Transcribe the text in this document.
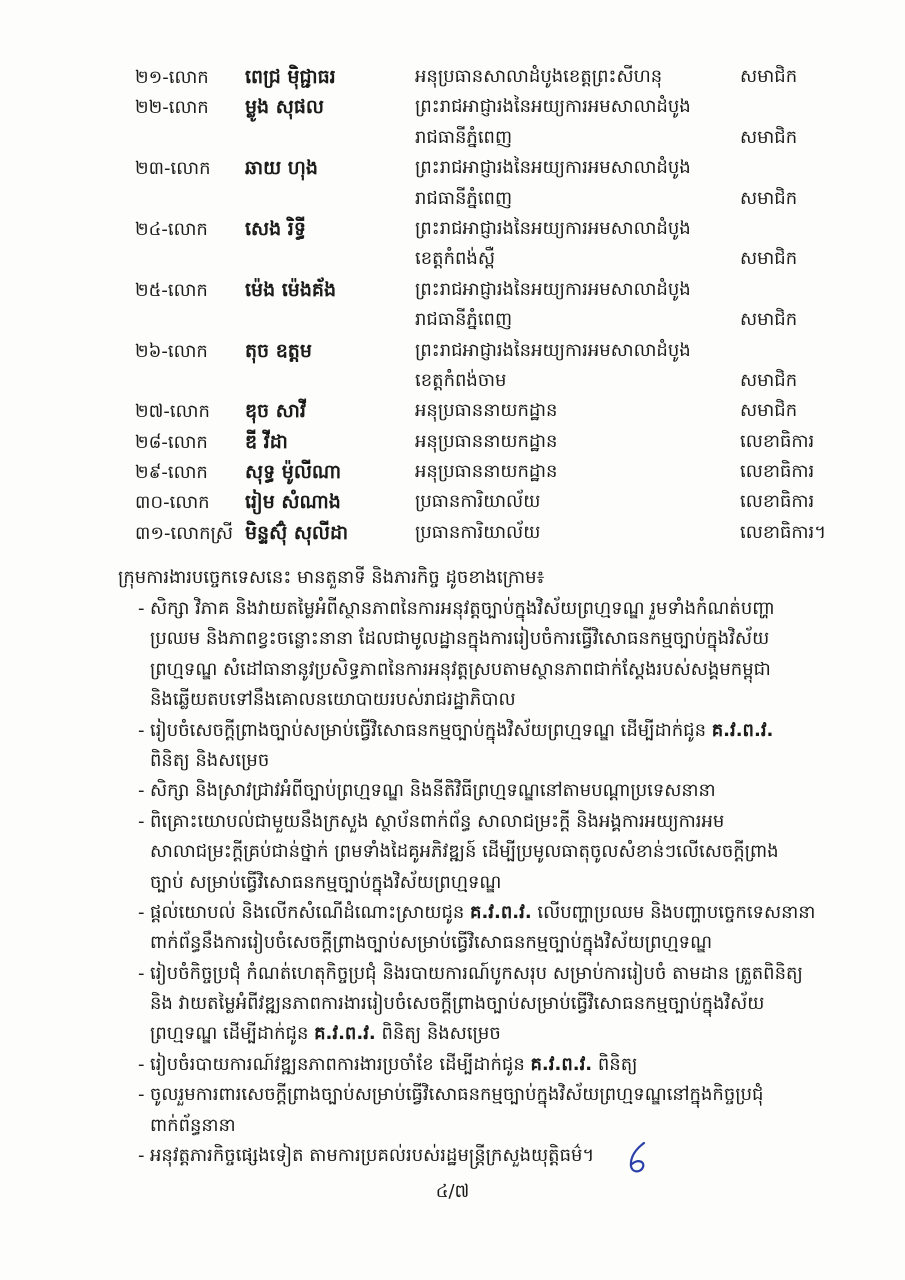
២១-លោក ពេជ្រ ម៉ិជ្ជាធរ	អនុប្រធានសាលាដំបូងខេត្តព្រះសីហនុ	សមាជិក
២២-លោក ម្លូង សុផល	ព្រះរាជអាជ្ញារងនៃអយ្យការអមសាលាដំបូង
រាជធានីភ្នំពេញ	សមាជិក
២៣-លោក ឆាយ ហុង	ព្រះរាជអាជ្ញារងនៃអយ្យការអមសាលាដំបូង
រាជធានីភ្នំពេញ	សមាជិក
២៤-លោក សេង រិទ្ធី	ព្រះរាជអាជ្ញារងនៃអយ្យការអមសាលាដំបូង
ខេត្តកំពង់ស្ពឺ	សមាជិក
២៥-លោក ម៉េង ម៉េងគ័ង	ព្រះរាជអាជ្ញារងនៃអយ្យការអមសាលាដំបូង
រាជធានីភ្នំពេញ	សមាជិក
២៦-លោក តុច ឧត្តម	ព្រះរាជអាជ្ញារងនៃអយ្យការអមសាលាដំបូង
ខេត្តកំពង់ចាម	សមាជិក
២៧-លោក ឌុច សាវី	អនុប្រធាននាយកដ្ឋាន	សមាជិក
២៨-លោក ឌី វីដា	អនុប្រធាននាយកដ្ឋាន	លេខាធិការ
២៩-លោក សុទ្ធ ម៉ូលីណា	អនុប្រធាននាយកដ្ឋាន	លេខាធិការ
៣០-លោក រៀម សំណាង	ប្រធានការិយាល័យ	លេខាធិការ
៣១-លោកស្រី មិន្ទស៊ុំ សុលីដា	ប្រធានការិយាល័យ	លេខាធិការ។
ក្រុមការងារបច្ចេកទេសនេះ មានតួនាទី និងភារកិច្ច ដូចខាងក្រោម៖
- សិក្សា វិភាគ និងវាយតម្លៃអំពីស្ថានភាពនៃការអនុវត្តច្បាប់ក្នុងវិស័យព្រហ្មទណ្ឌ រួមទាំងកំណត់បញ្ហា
ប្រឈម និងភាពខ្វះចន្លោះនានា ដែលជាមូលដ្ឋានក្នុងការរៀបចំការធ្វើវិសោធនកម្មច្បាប់ក្នុងវិស័យ
ព្រហ្មទណ្ឌ សំដៅធានានូវប្រសិទ្ធភាពនៃការអនុវត្តស្របតាមស្ថានភាពជាក់ស្តែងរបស់សង្គមកម្ពុជា
និងឆ្លើយតបទៅនឹងគោលនយោបាយរបស់រាជរដ្ឋាភិបាល
- រៀបចំសេចក្តីព្រាងច្បាប់សម្រាប់ធ្វើវិសោធនកម្មច្បាប់ក្នុងវិស័យព្រហ្មទណ្ឌ ដើម្បីដាក់ជូន គ.វ.ព.វ.
ពិនិត្យ និងសម្រេច
- សិក្សា និងស្រាវជ្រាវអំពីច្បាប់ព្រហ្មទណ្ឌ និងនីតិវិធីព្រហ្មទណ្ឌនៅតាមបណ្តាប្រទេសនានា
- ពិគ្រោះយោបល់ជាមួយនឹងក្រសួង ស្ថាប័នពាក់ព័ន្ធ សាលាជម្រះក្តី និងអង្គការអយ្យការអម
សាលាជម្រះក្តីគ្រប់ជាន់ថ្នាក់ ព្រមទាំងដៃគូអភិវឌ្ឍន៍ ដើម្បីប្រមូលធាតុចូលសំខាន់ៗលើសេចក្តីព្រាង
ច្បាប់ សម្រាប់ធ្វើវិសោធនកម្មច្បាប់ក្នុងវិស័យព្រហ្មទណ្ឌ
- ផ្តល់យោបល់ និងលើកសំណើដំណោះស្រាយជូន គ.វ.ព.វ. លើបញ្ហាប្រឈម និងបញ្ហាបច្ចេកទេសនានា
ពាក់ព័ន្ធនឹងការរៀបចំសេចក្តីព្រាងច្បាប់សម្រាប់ធ្វើវិសោធនកម្មច្បាប់ក្នុងវិស័យព្រហ្មទណ្ឌ
- រៀបចំកិច្ចប្រជុំ កំណត់ហេតុកិច្ចប្រជុំ និងរបាយការណ៍បូកសរុប សម្រាប់ការរៀបចំ តាមដាន ត្រួតពិនិត្យ
និង វាយតម្លៃអំពីវឌ្ឍនភាពការងាររៀបចំសេចក្តីព្រាងច្បាប់សម្រាប់ធ្វើវិសោធនកម្មច្បាប់ក្នុងវិស័យ
ព្រហ្មទណ្ឌ ដើម្បីដាក់ជូន គ.វ.ព.វ. ពិនិត្យ និងសម្រេច
- រៀបចំរបាយការណ៍វឌ្ឍនភាពការងារប្រចាំខែ ដើម្បីដាក់ជូន គ.វ.ព.វ. ពិនិត្យ
- ចូលរួមការពារសេចក្តីព្រាងច្បាប់សម្រាប់ធ្វើវិសោធនកម្មច្បាប់ក្នុងវិស័យព្រហ្មទណ្ឌនៅក្នុងកិច្ចប្រជុំ
ពាក់ព័ន្ធនានា
- អនុវត្តភារកិច្ចផ្សេងទៀត តាមការប្រគល់របស់រដ្ឋមន្ត្រីក្រសួងយុត្តិធម៌។
៤/៧
